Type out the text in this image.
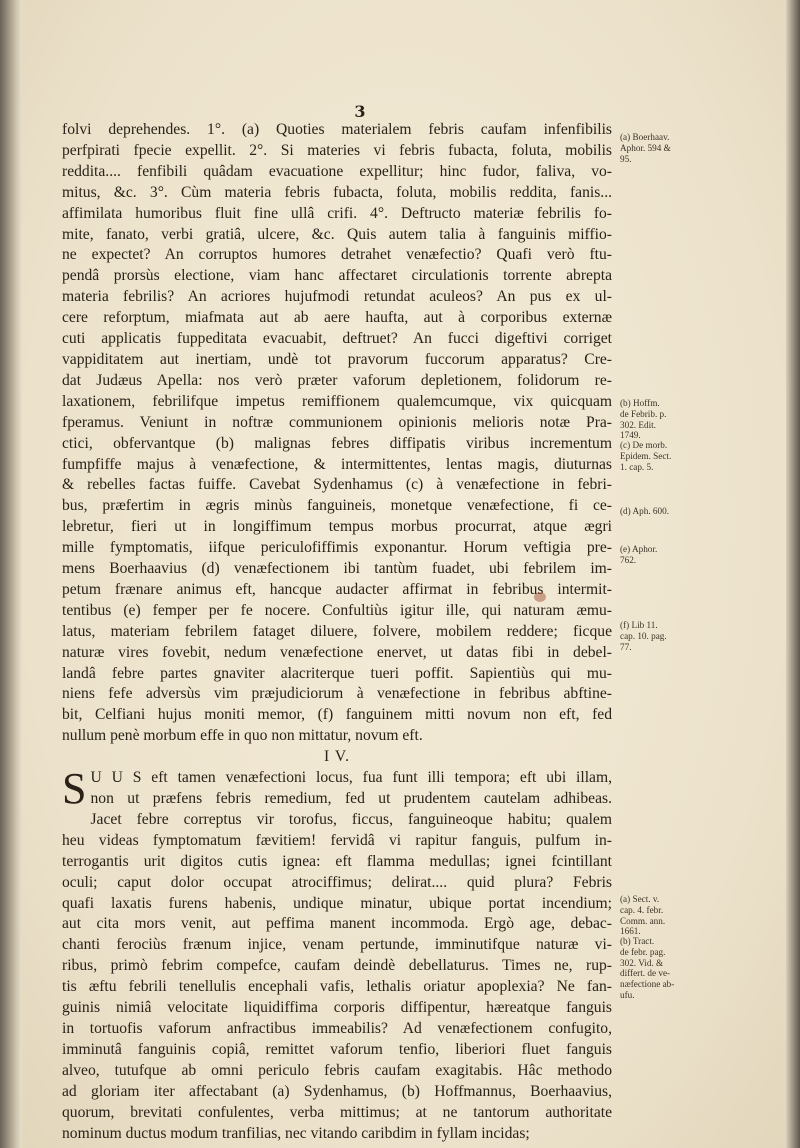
3
folvi deprehendes. 1°. (a) Quoties materialem febris caufam infenfibilis
perfpirati fpecie expellit. 2°. Si materies vi febris fubacta, foluta, mobilis
reddita.... fenfibili quâdam evacuatione expellitur; hinc fudor, faliva, vo-
mitus, &c. 3°. Cùm materia febris fubacta, foluta, mobilis reddita, fanis...
affimilata humoribus fluit fine ullâ crifi. 4°. Deftructo materiæ febrilis fo-
mite, fanato, verbi gratiâ, ulcere, &c. Quis autem talia à fanguinis miffio-
ne expectet? An corruptos humores detrahet venæfectio? Quafi verò ftu-
pendâ prorsùs electione, viam hanc affectaret circulationis torrente abrepta
materia febrilis? An acriores hujufmodi retundat aculeos? An pus ex ul-
cere reforptum, miafmata aut ab aere haufta, aut à corporibus externæ
cuti applicatis fuppeditata evacuabit, deftruet? An fucci digeftivi corriget
vappiditatem aut inertiam, undè tot pravorum fuccorum apparatus? Cre-
dat Judæus Apella: nos verò præter vaforum depletionem, folidorum re-
laxationem, febrilifque impetus remiffionem qualemcumque, vix quicquam
fperamus. Veniunt in noftræ communionem opinionis melioris notæ Pra-
ctici, obfervantque (b) malignas febres diffipatis viribus incrementum
fumpfiffe majus à venæfectione, & intermittentes, lentas magis, diuturnas
& rebelles factas fuiffe. Cavebat Sydenhamus (c) à venæfectione in febri-
bus, præfertim in ægris minùs fanguineis, monetque venæfectione, fi ce-
lebretur, fieri ut in longiffimum tempus morbus procurrat, atque ægri
mille fymptomatis, iifque periculofiffimis exponantur. Horum veftigia pre-
mens Boerhaavius (d) venæfectionem ibi tantùm fuadet, ubi febrilem im-
petum frænare animus eft, hancque audacter affirmat in febribus intermit-
tentibus (e) femper per fe nocere. Confultiùs igitur ille, qui naturam æmu-
latus, materiam febrilem fataget diluere, folvere, mobilem reddere; ficque
naturæ vires fovebit, nedum venæfectione enervet, ut datas fibi in debel-
landâ febre partes gnaviter alacriterque tueri poffit. Sapientiùs qui mu-
niens fefe adversùs vim præjudiciorum à venæfectione in febribus abftine-
bit, Celfiani hujus moniti memor, (f) fanguinem mitti novum non eft, fed
nullum penè morbum effe in quo non mittatur, novum eft.
I V.
S U U S eft tamen venæfectioni locus, fua funt illi tempora; eft ubi illam,
non ut præfens febris remedium, fed ut prudentem cautelam adhibeas.
Jacet febre correptus vir torofus, ficcus, fanguineoque habitu; qualem
heu videas fymptomatum fævitiem! fervidâ vi rapitur fanguis, pulfum in-
terrogantis urit digitos cutis ignea: eft flamma medullas; ignei fcintillant
oculi; caput dolor occupat atrociffimus; delirat.... quid plura? Febris
quafi laxatis furens habenis, undique minatur, ubique portat incendium;
aut cita mors venit, aut peffima manent incommoda. Ergò age, debac-
chanti ferociùs frænum injice, venam pertunde, imminutifque naturæ vi-
ribus, primò febrim compefce, caufam deindè debellaturus. Times ne, rup-
tis æftu febrili tenellulis encephali vafis, lethalis oriatur apoplexia? Ne fan-
guinis nimiâ velocitate liquidiffima corporis diffipentur, hæreatque fanguis
in tortuofis vaforum anfractibus immeabilis? Ad venæfectionem confugito,
imminutâ fanguinis copiâ, remittet vaforum tenfio, liberiori fluet fanguis
alveo, tutufque ab omni periculo febris caufam exagitabis. Hâc methodo
ad gloriam iter affectabant (a) Sydenhamus, (b) Hoffmannus, Boerhaavius,
quorum, brevitati confulentes, verba mittimus; at ne tantorum authoritate
nominum ductus modum tranfilias, nec vitando caribdim in fyllam incidas;
(a) Boerhaav.
Aphor. 594 &
95.
(b) Hoffm.
de Febrib. p.
302. Edit.
1749.
(c) De morb.
Epidem. Sect.
1. cap. 5.
(d) Aph. 600.
(e) Aphor.
762.
(f) Lib 11.
cap. 10. pag.
77.
(a) Sect. v.
cap. 4. febr.
Comm. ann.
1661.
(b) Tract.
de febr. pag.
302. Vid. &
differt. de ve-
næfectione ab-
ufu.
